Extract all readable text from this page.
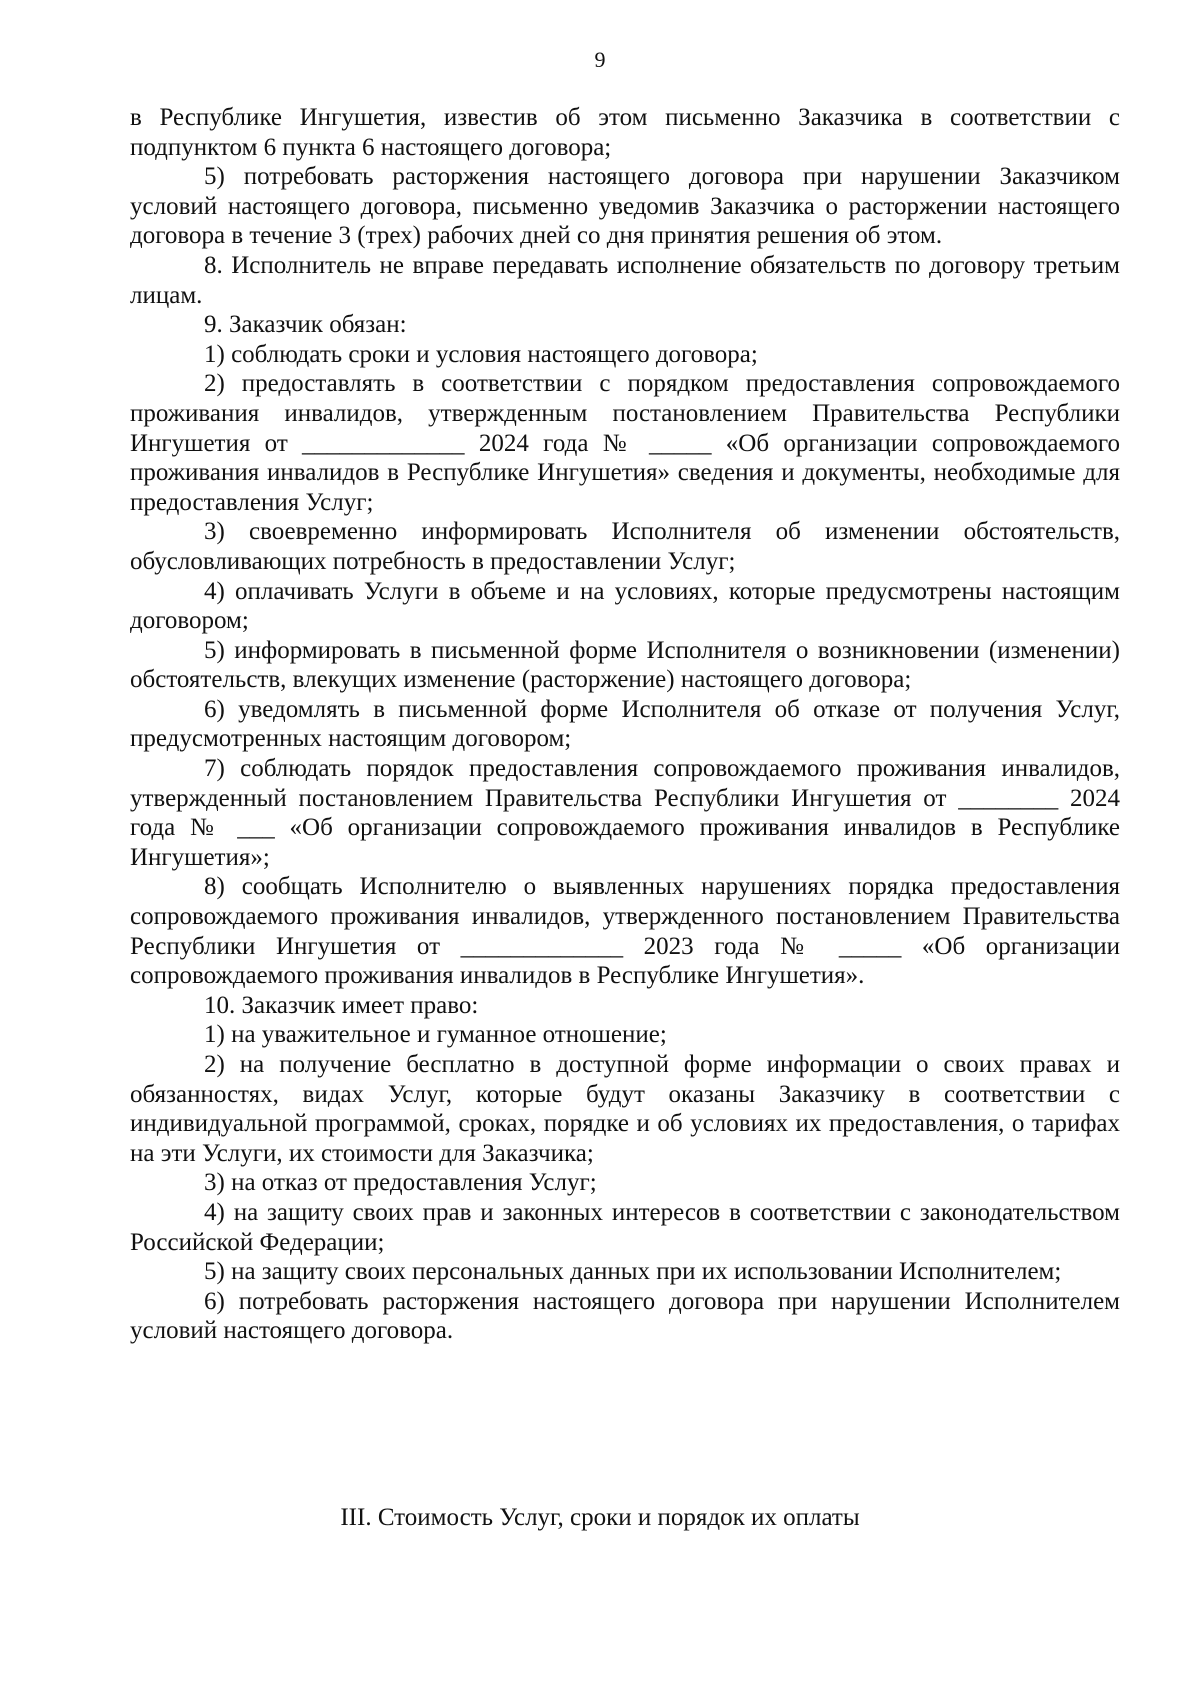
9

в Республике Ингушетия, известив об этом письменно Заказчика в соответствии с подпунктом 6 пункта 6 настоящего договора;

5) потребовать расторжения настоящего договора при нарушении Заказчиком условий настоящего договора, письменно уведомив Заказчика о расторжении настоящего договора в течение 3 (трех) рабочих дней со дня принятия решения об этом.

8. Исполнитель не вправе передавать исполнение обязательств по договору третьим лицам.

9. Заказчик обязан:

1) соблюдать сроки и условия настоящего договора;

2) предоставлять в соответствии с порядком предоставления сопровождаемого проживания инвалидов, утвержденным постановлением Правительства Республики Ингушетия от _____________ 2024 года № _____ «Об организации сопровождаемого проживания инвалидов в Республике Ингушетия» сведения и документы, необходимые для предоставления Услуг;

3) своевременно информировать Исполнителя об изменении обстоятельств, обусловливающих потребность в предоставлении Услуг;

4) оплачивать Услуги в объеме и на условиях, которые предусмотрены настоящим договором;

5) информировать в письменной форме Исполнителя о возникновении (изменении) обстоятельств, влекущих изменение (расторжение) настоящего договора;

6) уведомлять в письменной форме Исполнителя об отказе от получения Услуг, предусмотренных настоящим договором;

7) соблюдать порядок предоставления сопровождаемого проживания инвалидов, утвержденный постановлением Правительства Республики Ингушетия от ________ 2024 года № ___ «Об организации сопровождаемого проживания инвалидов в Республике Ингушетия»;

8) сообщать Исполнителю о выявленных нарушениях порядка предоставления сопровождаемого проживания инвалидов, утвержденного постановлением Правительства Республики Ингушетия от _____________ 2023 года № _____ «Об организации сопровождаемого проживания инвалидов в Республике Ингушетия».

10. Заказчик имеет право:

1) на уважительное и гуманное отношение;

2) на получение бесплатно в доступной форме информации о своих правах и обязанностях, видах Услуг, которые будут оказаны Заказчику в соответствии с индивидуальной программой, сроках, порядке и об условиях их предоставления, о тарифах на эти Услуги, их стоимости для Заказчика;

3) на отказ от предоставления Услуг;

4) на защиту своих прав и законных интересов в соответствии с законодательством Российской Федерации;

5) на защиту своих персональных данных при их использовании Исполнителем;

6) потребовать расторжения настоящего договора при нарушении Исполнителем условий настоящего договора.

III. Стоимость Услуг, сроки и порядок их оплаты
